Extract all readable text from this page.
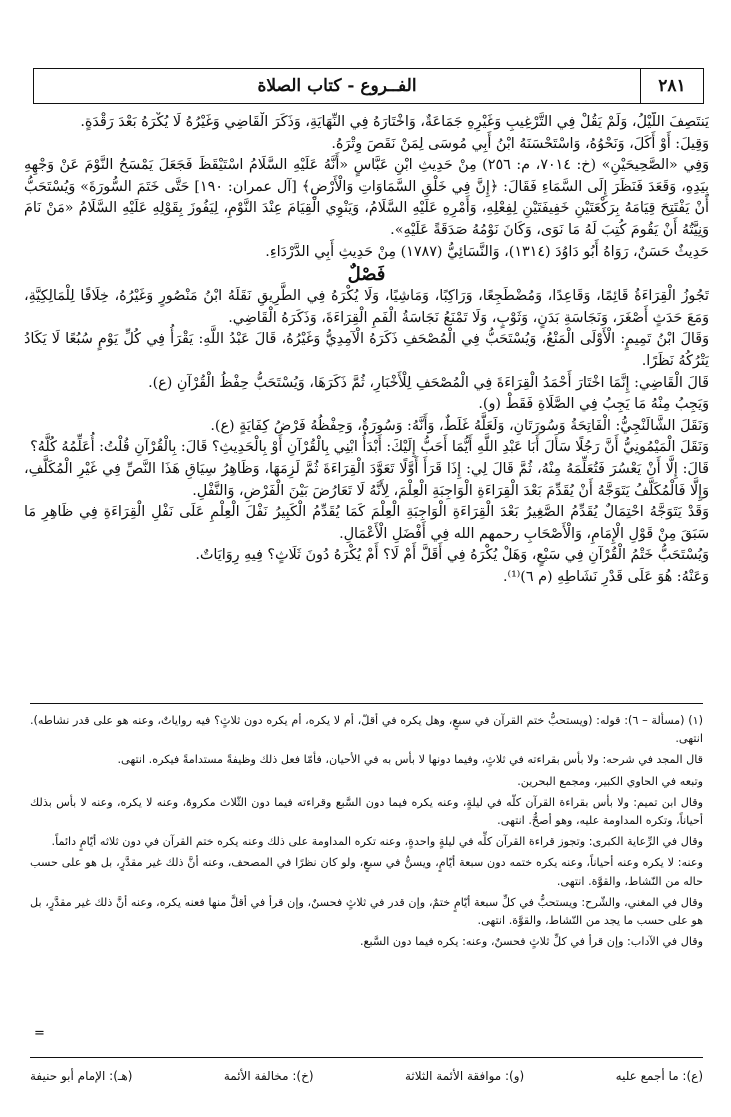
٢٨١
الفــروع - كتاب الصلاة

يَنتَصِفَ اللَّيْلُ، وَلَمْ يَقُلْ فِي التَّرْغِيبِ وَغَيْرِهِ جَمَاعَةٌ، وَاخْتَارَهُ فِي النِّهَايَةِ، وَذَكَرَ الْقَاضِي وَغَيْرُهُ لَا يُكْرَهُ بَعْدَ رَقْدَةٍ.

وَقِيلَ: أَوْ أَكَلَ، وَنَحْوُهُ، وَاسْتَحْسَنَهُ ابْنُ أَبِي مُوسَى لِمَنْ نَقَصَ وِتْرَهُ.

وَفِي «الصَّحِيحَيْنِ» (خ: ٧٠١٤، م: ٢٥٦) مِنْ حَدِيثِ ابْنِ عَبَّاسٍ «أَنَّهُ عَلَيْهِ السَّلَامُ اسْتَيْقَظَ فَجَعَلَ يَمْسَحُ النَّوْمَ عَنْ وَجْهِهِ بِيَدِهِ، وَقَعَدَ فَنَظَرَ إِلَى السَّمَاءِ فَقَالَ: ﴿إِنَّ فِي خَلْقِ السَّمَاوَاتِ وَالْأَرْضِ﴾ [آل عمران: ١٩٠] حَتَّى خَتَمَ السُّورَةَ» وَيُسْتَحَبُّ أَنْ يَفْتَتِحَ قِيَامَهُ بِرَكْعَتَيْنِ خَفِيفَتَيْنِ لِفِعْلِهِ، وَأَمْرِهِ عَلَيْهِ السَّلَامُ، وَيَنْوِي الْقِيَامَ عِنْدَ النَّوْمِ، لِيَفُوزَ بِقَوْلِهِ عَلَيْهِ السَّلَامُ «مَنْ نَامَ وَنِيَّتُهُ أَنْ يَقُومَ كُتِبَ لَهُ مَا نَوَى، وَكَانَ نَوْمُهُ صَدَقَةً عَلَيْهِ».

حَدِيثٌ حَسَنٌ، رَوَاهُ أَبُو دَاوُدَ (١٣١٤)، وَالنَّسَائِيُّ (١٧٨٧) مِنْ حَدِيثِ أَبِي الدَّرْدَاءِ.

فَصْلٌ

تَجُوزُ الْقِرَاءَةُ قَائِمًا، وَقَاعِدًا، وَمُضْطَجِعًا، وَرَاكِبًا، وَمَاشِيًا، وَلَا يُكْرَهُ فِي الطَّرِيقِ نَقَلَهُ ابْنُ مَنْصُورٍ وَغَيْرُهُ، خِلَافًا لِلْمَالِكِيَّةِ، وَمَعَ حَدَثٍ أَصْغَرَ، وَنَجَاسَةِ بَدَنٍ، وَثَوْبٍ، وَلَا تَمْنَعُ نَجَاسَةُ الْفَمِ الْقِرَاءَةَ، وَذَكَرَهُ الْقَاضِي.

وَقَالَ ابْنُ تَمِيمٍ: الْأَوْلَى الْمَنْعُ، وَيُسْتَحَبُّ فِي الْمُصْحَفِ ذَكَرَهُ الْآمِدِيُّ وَغَيْرُهُ، قَالَ عَبْدُ اللَّهِ: يَقْرَأُ فِي كُلِّ يَوْمٍ سُبُعًا لَا يَكَادُ يَتْرُكُهُ نَظَرًا.

قَالَ الْقَاضِي: إِنَّمَا اخْتَارَ أَحْمَدُ الْقِرَاءَةَ فِي الْمُصْحَفِ لِلْأَخْبَارِ، ثُمَّ ذَكَرَهَا، وَيُسْتَحَبُّ حِفْظُ الْقُرْآنِ (ع).

وَيَجِبُ مِنْهُ مَا يَجِبُ فِي الصَّلَاةِ فَقَطْ (و).

وَنَقَلَ الشَّالَنْجِيُّ: الْفَاتِحَةُ وَسُورَتَانِ، وَلَعَلَّهُ غَلَطٌ، وَأَنَّهُ: وَسُورَةٌ، وَحِفْظُهُ فَرْضُ كِفَايَةٍ (ع).

وَنَقَلَ الْمَيْمُونِيُّ أَنَّ رَجُلًا سَأَلَ أَبَا عَبْدِ اللَّهِ أَيُّمَا أَحَبُّ إِلَيْكَ: أَبْدَأُ ابْنِي بِالْقُرْآنِ أَوْ بِالْحَدِيثِ؟ قَالَ: بِالْقُرْآنِ قُلْتُ: أُعَلِّمُهُ كُلَّهُ؟

قَالَ: إِلَّا أَنْ يَعْسُرَ فَتُعَلِّمَهُ مِنْهُ، ثُمَّ قَالَ لِي: إِذَا قَرَأَ أَوَّلًا تَعَوَّدَ الْقِرَاءَةَ ثُمَّ لَزِمَهَا، وَظَاهِرُ سِيَاقِ هَذَا النَّصِّ فِي غَيْرِ الْمُكَلَّفِ، وَإِلَّا فَالْمُكَلَّفُ يَتَوَجَّهُ أَنْ يُقَدِّمَ بَعْدَ الْقِرَاءَةِ الْوَاجِبَةِ الْعِلْمَ، لِأَنَّهُ لَا تَعَارُضَ بَيْنَ الْفَرْضِ، وَالنَّفْلِ.

وَقَدْ يَتَوَجَّهُ احْتِمَالٌ يُقَدِّمُ الصَّغِيرُ بَعْدَ الْقِرَاءَةِ الْوَاجِبَةِ الْعِلْمَ كَمَا يُقَدِّمُ الْكَبِيرُ نَفْلَ الْعِلْمِ عَلَى نَفْلِ الْقِرَاءَةِ فِي ظَاهِرِ مَا سَبَقَ مِنْ قَوْلِ الْإِمَامِ، وَالْأَصْحَابِ رحمهم الله فِي أَفْضَلِ الْأَعْمَالِ.

وَيُسْتَحَبُّ خَتْمُ الْقُرْآنِ فِي سَبْعٍ، وَهَلْ يُكْرَهُ فِي أَقَلَّ أَمْ لَا؟ أَمْ يُكْرَهُ دُونَ ثَلَاثٍ؟ فِيهِ رِوَايَاتٌ.

وَعَنْهُ: هُوَ عَلَى قَدْرِ نَشَاطِهِ (م ٦)⁽¹⁾.

(١) (مسألة – ٦): قوله: (ويستحبُّ ختم القرآن في سبعٍ، وهل يكره في أقلّ، أم لا يكره، أم يكره دون ثلاثٍ؟ فيه رواياتٌ، وعنه هو على قدر نشاطه). انتهى.

قال المجد في شرحه: ولا بأس بقراءته في ثلاثٍ، وفيما دونها لا بأس به في الأحيان، فأمّا فعل ذلك وظيفةً مستدامةً فيكره. انتهى.

وتبعه في الحاوي الكبير، ومجمع البحرين.

وقال ابن تميم: ولا بأس بقراءة القرآن كلّه في ليلةٍ، وعنه يكره فيما دون السَّبع وقراءته فيما دون الثّلاث مكروهٌ، وعنه لا يكره، وعنه لا بأس بذلك أحياناً، وتكره المداومة عليه، وهو أصحُّ. انتهى.

وقال في الرِّعاية الكبرى: وتجوز قراءة القرآن كلِّه في ليلةٍ واحدةٍ، وعنه تكره المداومة على ذلك وعنه يكره ختم القرآن في دون ثلاثه أيّامٍ دائماً.

وعنه: لا يكره وعنه أحياناً، وعنه يكره ختمه دون سبعة أيّامٍ، ويسنُّ في سبعٍ، ولو كان نظرًا في المصحف، وعنه أنَّ ذلك غير مقدَّرٍ، بل هو على حسب حاله من النّشاط، والقوَّة. انتهى.

وقال في المغني، والشّرح: ويستحبُّ في كلِّ سبعة أيّامٍ ختمٌ، وإن قدر في ثلاثٍ فحسنٌ، وإن قرأ في أقلَّ منها فعنه يكره، وعنه أنَّ ذلك غير مقدَّرٍ، بل هو على حسب ما يجد من النّشاط، والقوَّة. انتهى.

وقال في الآداب: وإن قرأ في كلِّ ثلاثٍ فحسنٌ، وعنه: يكره فيما دون السَّبع.

=
(ع): ما أجمع عليه
(و): موافقة الأئمة الثلاثة
(خ): مخالفة الأئمة
(هـ): الإمام أبو حنيفة
